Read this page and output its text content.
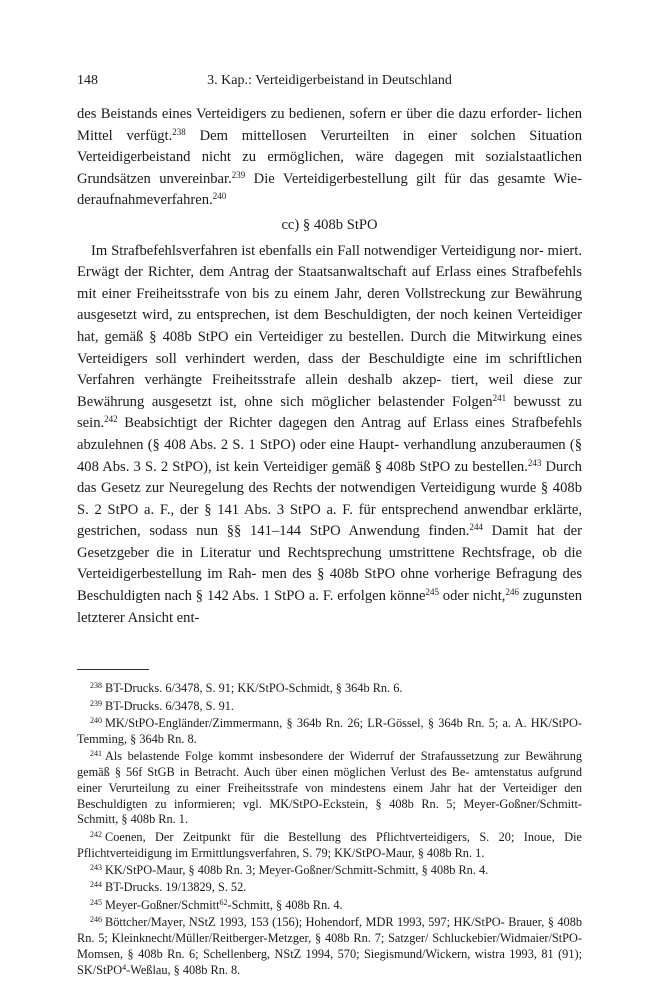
148	3. Kap.: Verteidigerbeistand in Deutschland

des Beistands eines Verteidigers zu bedienen, sofern er über die dazu erforder- lichen Mittel verfügt.$^{238}$ Dem mittellosen Verurteilten in einer solchen Situation Verteidigerbeistand nicht zu ermöglichen, wäre dagegen mit sozialstaatlichen Grundsätzen unvereinbar.$^{239}$ Die Verteidigerbestellung gilt für das gesamte Wie- deraufnahmeverfahren.$^{240}$

cc) § 408b StPO

Im Strafbefehlsverfahren ist ebenfalls ein Fall notwendiger Verteidigung nor- miert. Erwägt der Richter, dem Antrag der Staatsanwaltschaft auf Erlass eines Strafbefehls mit einer Freiheitsstrafe von bis zu einem Jahr, deren Vollstreckung zur Bewährung ausgesetzt wird, zu entsprechen, ist dem Beschuldigten, der noch keinen Verteidiger hat, gemäß § 408b StPO ein Verteidiger zu bestellen. Durch die Mitwirkung eines Verteidigers soll verhindert werden, dass der Beschuldigte eine im schriftlichen Verfahren verhängte Freiheitsstrafe allein deshalb akzep- tiert, weil diese zur Bewährung ausgesetzt ist, ohne sich möglicher belastender Folgen$^{241}$ bewusst zu sein.$^{242}$ Beabsichtigt der Richter dagegen den Antrag auf Erlass eines Strafbefehls abzulehnen (§ 408 Abs. 2 S. 1 StPO) oder eine Haupt- verhandlung anzuberaumen (§ 408 Abs. 3 S. 2 StPO), ist kein Verteidiger gemäß § 408b StPO zu bestellen.$^{243}$ Durch das Gesetz zur Neuregelung des Rechts der notwendigen Verteidigung wurde § 408b S. 2 StPO a. F., der § 141 Abs. 3 StPO a. F. für entsprechend anwendbar erklärte, gestrichen, sodass nun §§ 141–144 StPO Anwendung finden.$^{244}$ Damit hat der Gesetzgeber die in Literatur und Rechtsprechung umstrittene Rechtsfrage, ob die Verteidigerbestellung im Rah- men des § 408b StPO ohne vorherige Befragung des Beschuldigten nach § 142 Abs. 1 StPO a. F. erfolgen könne$^{245}$ oder nicht,$^{246}$ zugunsten letzterer Ansicht ent-

$^{238}$ BT-Drucks. 6/3478, S. 91; KK/StPO-Schmidt, § 364b Rn. 6.

$^{239}$ BT-Drucks. 6/3478, S. 91.

$^{240}$ MK/StPO-Engländer/Zimmermann, § 364b Rn. 26; LR-Gössel, § 364b Rn. 5; a. A. HK/StPO-Temming, § 364b Rn. 8.

$^{241}$ Als belastende Folge kommt insbesondere der Widerruf der Strafaussetzung zur Bewährung gemäß § 56f StGB in Betracht. Auch über einen möglichen Verlust des Be- amtenstatus aufgrund einer Verurteilung zu einer Freiheitsstrafe von mindestens einem Jahr hat der Verteidiger den Beschuldigten zu informieren; vgl. MK/StPO-Eckstein, § 408b Rn. 5; Meyer-Goßner/Schmitt-Schmitt, § 408b Rn. 1.

$^{242}$ Coenen, Der Zeitpunkt für die Bestellung des Pflichtverteidigers, S. 20; Inoue, Die Pflichtverteidigung im Ermittlungsverfahren, S. 79; KK/StPO-Maur, § 408b Rn. 1.

$^{243}$ KK/StPO-Maur, § 408b Rn. 3; Meyer-Goßner/Schmitt-Schmitt, § 408b Rn. 4.

$^{244}$ BT-Drucks. 19/13829, S. 52.

$^{245}$ Meyer-Goßner/Schmitt$^{62}$-Schmitt, § 408b Rn. 4.

$^{246}$ Böttcher/Mayer, NStZ 1993, 153 (156); Hohendorf, MDR 1993, 597; HK/StPO- Brauer, § 408b Rn. 5; Kleinknecht/Müller/Reitberger-Metzger, § 408b Rn. 7; Satzger/ Schluckebier/Widmaier/StPO-Momsen, § 408b Rn. 6; Schellenberg, NStZ 1994, 570; Siegismund/Wickern, wistra 1993, 81 (91); SK/StPO$^4$-Weßlau, § 408b Rn. 8.
